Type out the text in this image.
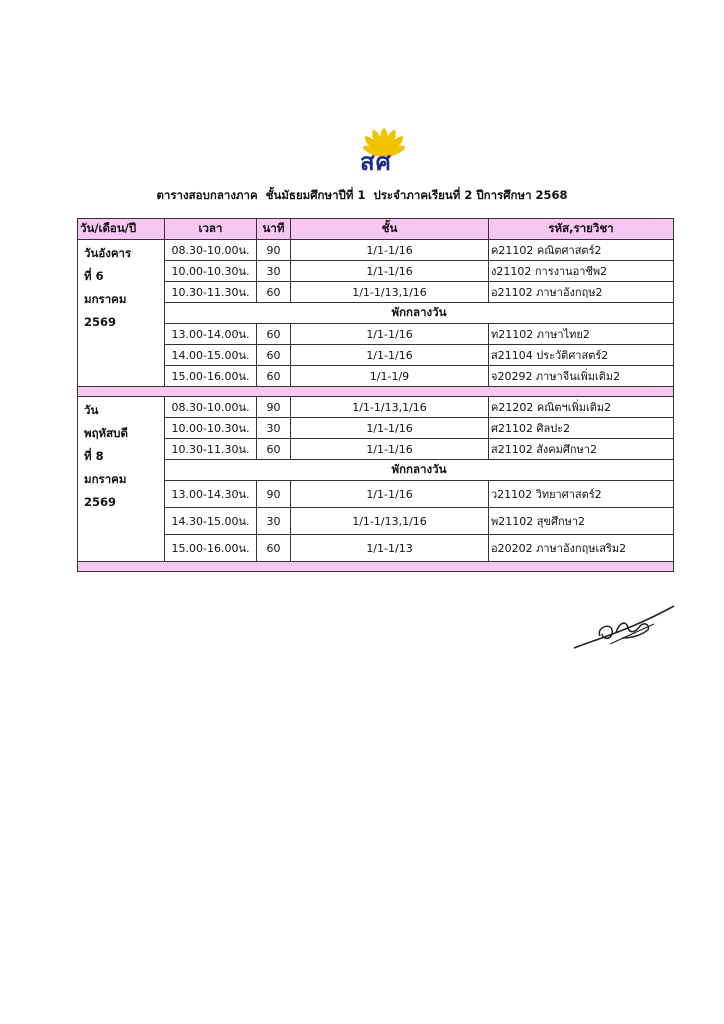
สศ
ตารางสอบกลางภาค  ชั้นมัธยมศึกษาปีที่ 1  ประจำภาคเรียนที่ 2 ปีการศึกษา 2568
วัน/เดือน/ปี	เวลา	นาที	ชั้น	รหัส,รายวิชา

วันอังคาร
ที่ 6
มกราคม
2569	08.30-10.00น.	90	1/1-1/16	ค21102 คณิตศาสตร์2
	10.00-10.30น.	30	1/1-1/16	ง21102 การงานอาชีพ2
	10.30-11.30น.	60	1/1-1/13,1/16	อ21102 ภาษาอังกฤษ2
	พักกลางวัน			
	13.00-14.00น.	60	1/1-1/16	ท21102 ภาษาไทย2
	14.00-15.00น.	60	1/1-1/16	ส21104 ประวัติศาสตร์2
	15.00-16.00น.	60	1/1-1/9	จ20292 ภาษาจีนเพิ่มเติม2

วัน
พฤหัสบดี
ที่ 8
มกราคม
2569	08.30-10.00น.	90	1/1-1/13,1/16	ค21202 คณิตฯเพิ่มเติม2
	10.00-10.30น.	30	1/1-1/16	ศ21102 ศิลปะ2
	10.30-11.30น.	60	1/1-1/16	ส21102 สังคมศึกษา2
	พักกลางวัน			
	13.00-14.30น.	90	1/1-1/16	ว21102 วิทยาศาสตร์2
	14.30-15.00น.	30	1/1-1/13,1/16	พ21102 สุขศึกษา2
	15.00-16.00น.	60	1/1-1/13	อ20202 ภาษาอังกฤษเสริม2
